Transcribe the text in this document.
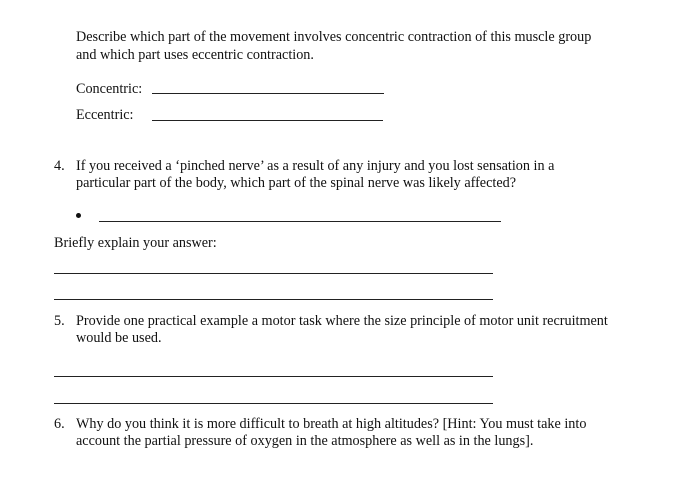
Describe which part of the movement involves concentric contraction of this muscle group
and which part uses eccentric contraction.
Concentric:
Eccentric:
4. If you received a ‘pinched nerve’ as a result of any injury and you lost sensation in a
particular part of the body, which part of the spinal nerve was likely affected?
Briefly explain your answer:
5. Provide one practical example a motor task where the size principle of motor unit recruitment
would be used.
6. Why do you think it is more difficult to breath at high altitudes? [Hint: You must take into
account the partial pressure of oxygen in the atmosphere as well as in the lungs].
